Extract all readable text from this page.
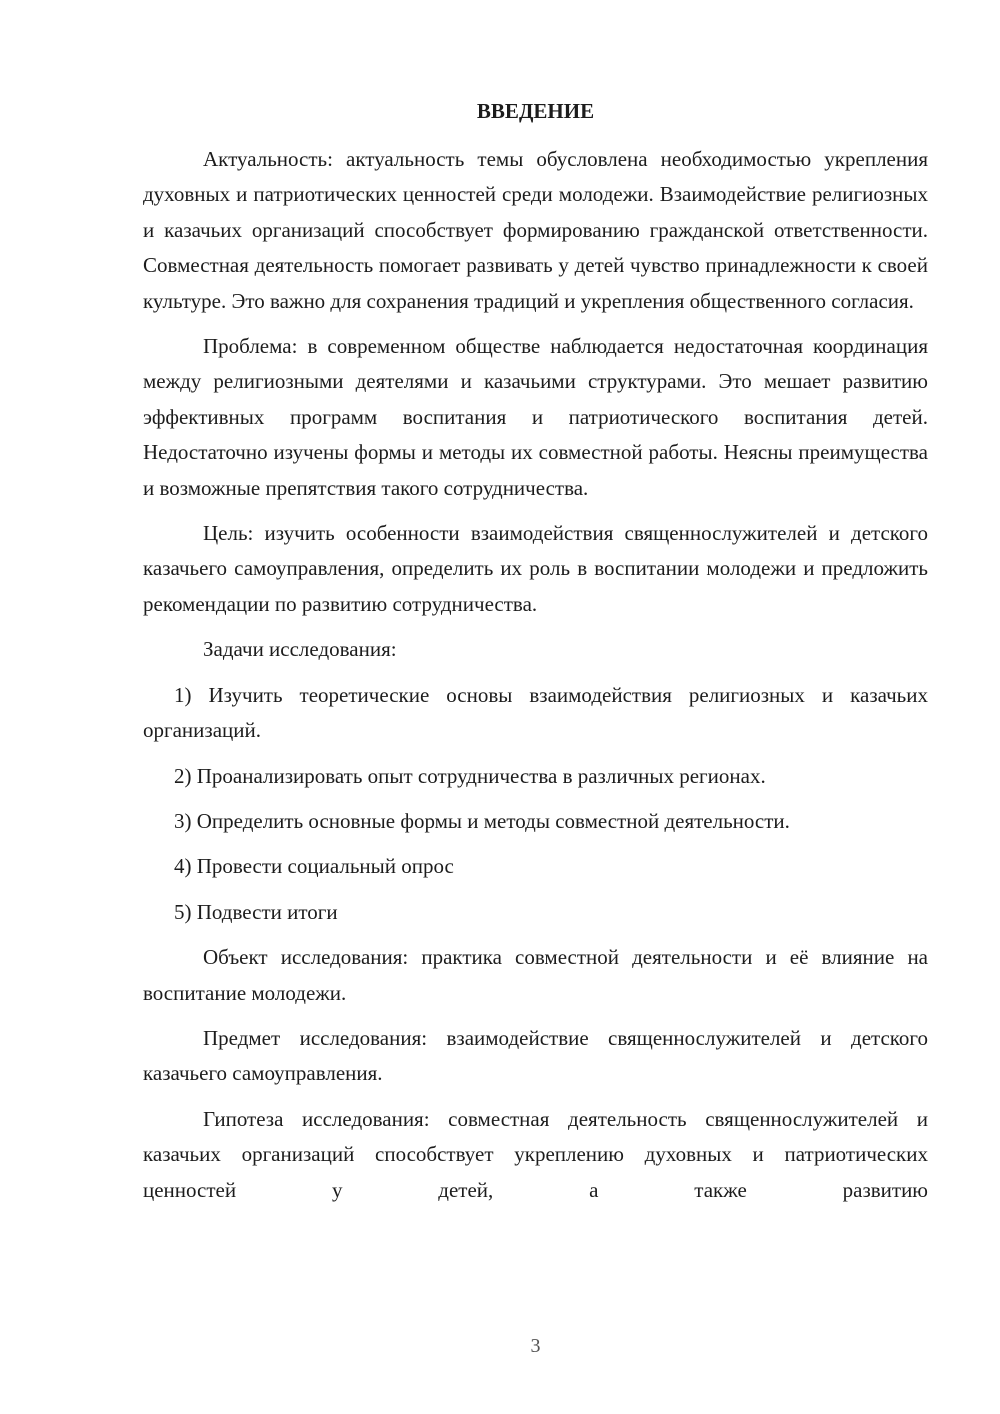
ВВЕДЕНИЕ

Актуальность: актуальность темы обусловлена необходимостью укрепления духовных и патриотических ценностей среди молодежи. Взаимодействие религиозных и казачьих организаций способствует формированию гражданской ответственности. Совместная деятельность помогает развивать у детей чувство принадлежности к своей культуре. Это важно для сохранения традиций и укрепления общественного согласия.

Проблема: в современном обществе наблюдается недостаточная координация между религиозными деятелями и казачьими структурами. Это мешает развитию эффективных программ воспитания и патриотического воспитания детей. Недостаточно изучены формы и методы их совместной работы. Неясны преимущества и возможные препятствия такого сотрудничества.

Цель: изучить особенности взаимодействия священнослужителей и детского казачьего самоуправления, определить их роль в воспитании молодежи и предложить рекомендации по развитию сотрудничества.

Задачи исследования:

1) Изучить теоретические основы взаимодействия религиозных и казачьих организаций.

2) Проанализировать опыт сотрудничества в различных регионах.

3) Определить основные формы и методы совместной деятельности.

4) Провести социальный опрос

5) Подвести итоги

Объект исследования: практика совместной деятельности и её влияние на воспитание молодежи.

Предмет исследования: взаимодействие священнослужителей и детского казачьего самоуправления.

Гипотеза исследования: совместная деятельность священнослужителей и казачьих организаций способствует укреплению духовных и патриотических ценностей у детей, а также развитию

3
